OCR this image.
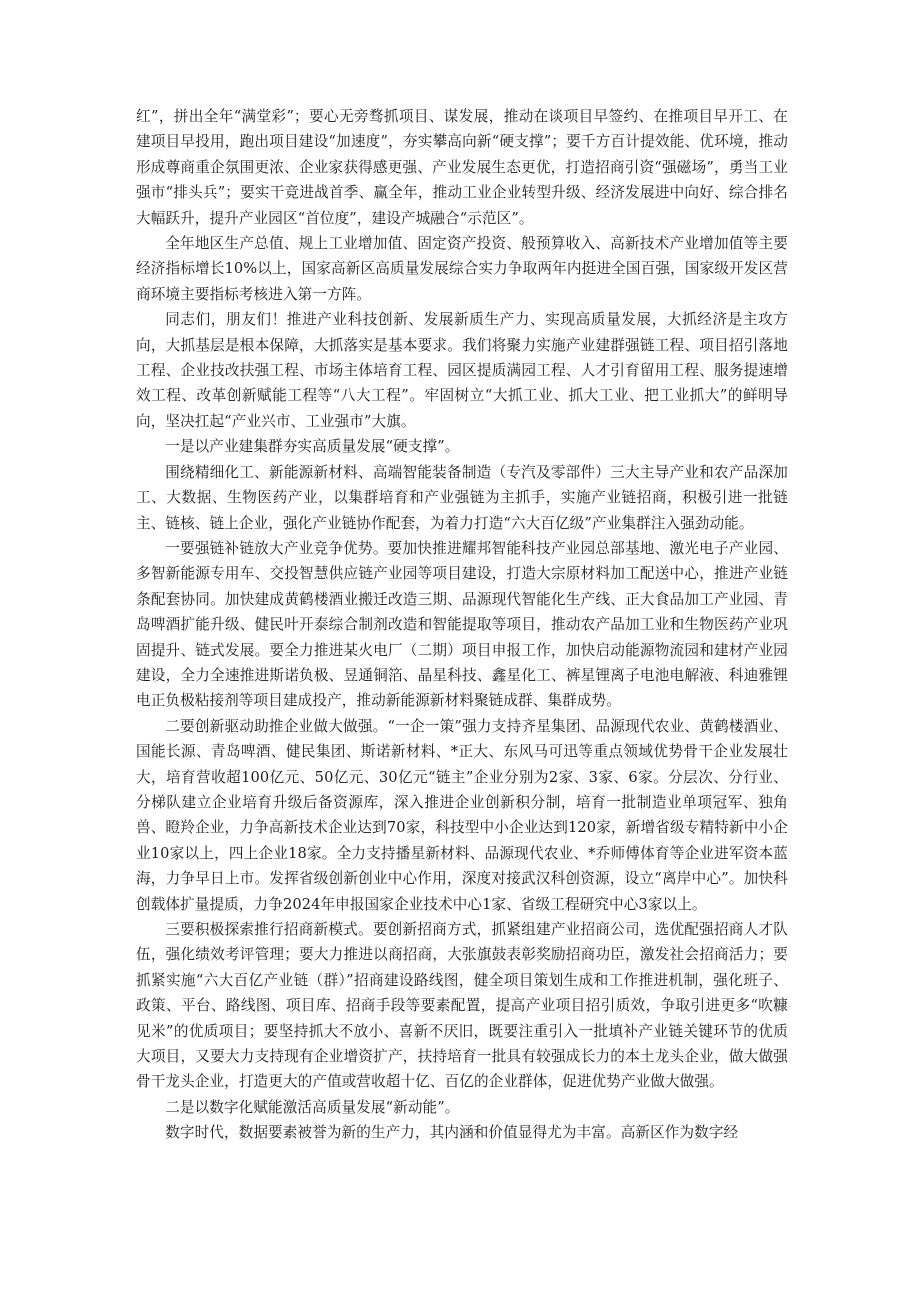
红”，拼出全年“满堂彩”；要心无旁骛抓项目、谋发展，推动在谈项目早签约、在推项目早开工、在建项目早投用，跑出项目建设“加速度”，夯实攀高向新“硬支撑”；要千方百计提效能、优环境，推动形成尊商重企氛围更浓、企业家获得感更强、产业发展生态更优，打造招商引资“强磁场”，勇当工业强市“排头兵”；要实干竞进战首季、赢全年，推动工业企业转型升级、经济发展进中向好、综合排名大幅跃升，提升产业园区“首位度”，建设产城融合“示范区”。

全年地区生产总值、规上工业增加值、固定资产投资、般预算收入、高新技术产业增加值等主要经济指标增长10%以上，国家高新区高质量发展综合实力争取两年内挺进全国百强，国家级开发区营商环境主要指标考核进入第一方阵。

同志们，朋友们！推进产业科技创新、发展新质生产力、实现高质量发展，大抓经济是主攻方向，大抓基层是根本保障，大抓落实是基本要求。我们将聚力实施产业建群强链工程、项目招引落地工程、企业技改扶强工程、市场主体培育工程、园区提质满园工程、人才引育留用工程、服务提速增效工程、改革创新赋能工程等“八大工程”。牢固树立“大抓工业、抓大工业、把工业抓大”的鲜明导向，坚决扛起“产业兴市、工业强市”大旗。

一是以产业建集群夯实高质量发展“硬支撑”。

围绕精细化工、新能源新材料、高端智能装备制造（专汽及零部件）三大主导产业和农产品深加工、大数据、生物医药产业，以集群培育和产业强链为主抓手，实施产业链招商，积极引进一批链主、链核、链上企业，强化产业链协作配套，为着力打造“六大百亿级”产业集群注入强劲动能。

一要强链补链放大产业竞争优势。要加快推进耀邦智能科技产业园总部基地、激光电子产业园、多智新能源专用车、交投智慧供应链产业园等项目建设，打造大宗原材料加工配送中心，推进产业链条配套协同。加快建成黄鹤楼酒业搬迁改造三期、品源现代智能化生产线、正大食品加工产业园、青岛啤酒扩能升级、健民叶开泰综合制剂改造和智能提取等项目，推动农产品加工业和生物医药产业巩固提升、链式发展。要全力推进某火电厂（二期）项目申报工作，加快启动能源物流园和建材产业园建设，全力全速推进斯诺负极、昱通铜箔、晶星科技、鑫星化工、裤星锂离子电池电解液、科迪雅锂电正负极粘接剂等项目建成投产，推动新能源新材料聚链成群、集群成势。

二要创新驱动助推企业做大做强。“一企一策”强力支持齐星集团、品源现代农业、黄鹤楼酒业、国能长源、青岛啤酒、健民集团、斯诺新材料、*正大、东风马可迅等重点领域优势骨干企业发展壮大，培育营收超100亿元、50亿元、30亿元“链主”企业分别为2家、3家、6家。分层次、分行业、分梯队建立企业培育升级后备资源库，深入推进企业创新积分制，培育一批制造业单项冠军、独角兽、瞪羚企业，力争高新技术企业达到70家，科技型中小企业达到120家，新增省级专精特新中小企业10家以上，四上企业18家。全力支持播星新材料、品源现代农业、*乔师傅体育等企业进军资本蓝海，力争早日上市。发挥省级创新创业中心作用，深度对接武汉科创资源，设立“离岸中心”。加快科创载体扩量提质，力争2024年申报国家企业技术中心1家、省级工程研究中心3家以上。

三要积极探索推行招商新模式。要创新招商方式，抓紧组建产业招商公司，选优配强招商人才队伍，强化绩效考评管理；要大力推进以商招商，大张旗鼓表彰奖励招商功臣，激发社会招商活力；要抓紧实施“六大百亿产业链（群）”招商建设路线图，健全项目策划生成和工作推进机制，强化班子、政策、平台、路线图、项目库、招商手段等要素配置，提高产业项目招引质效，争取引进更多“吹糠见米”的优质项目；要坚持抓大不放小、喜新不厌旧，既要注重引入一批填补产业链关键环节的优质大项目，又要大力支持现有企业增资扩产，扶持培育一批具有较强成长力的本土龙头企业，做大做强骨干龙头企业，打造更大的产值或营收超十亿、百亿的企业群体，促进优势产业做大做强。

二是以数字化赋能激活高质量发展“新动能”。

数字时代，数据要素被誉为新的生产力，其内涵和价值显得尤为丰富。高新区作为数字经
